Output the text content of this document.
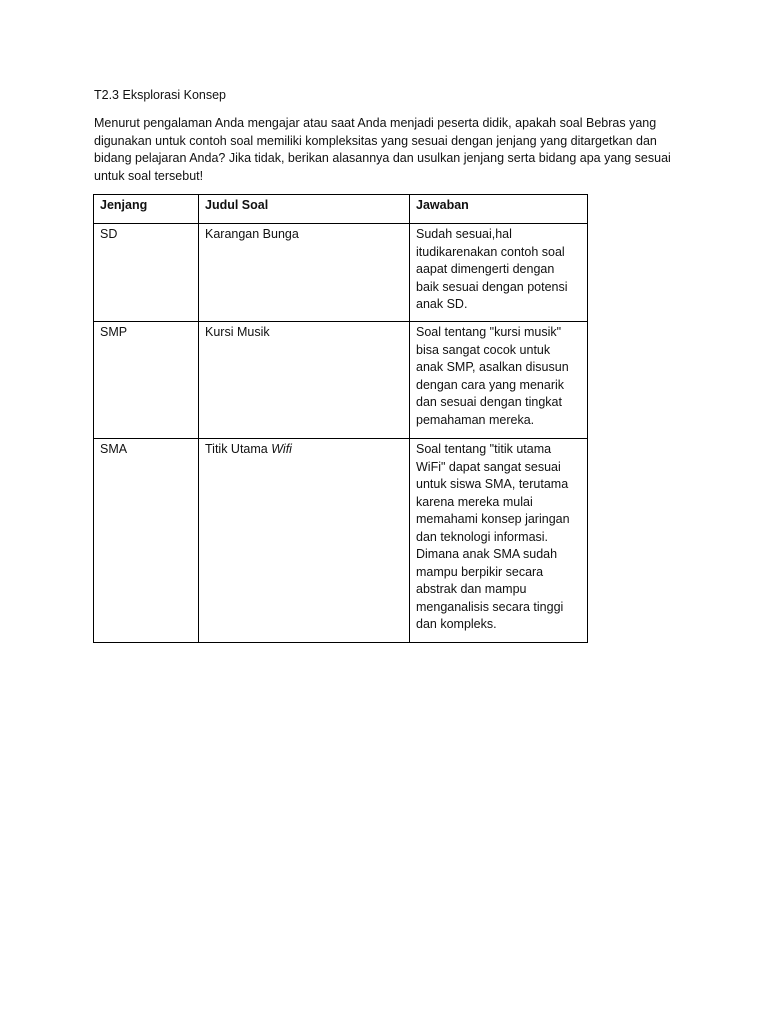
T2.3 Eksplorasi Konsep
Menurut pengalaman Anda mengajar atau saat Anda menjadi peserta didik, apakah soal Bebras yang digunakan untuk contoh soal memiliki kompleksitas yang sesuai dengan jenjang yang ditargetkan dan bidang pelajaran Anda? Jika tidak, berikan alasannya dan usulkan jenjang serta bidang apa yang sesuai untuk soal tersebut!
Jenjang	Judul Soal	Jawaban
SD	Karangan Bunga	Sudah sesuai,hal itudikarenakan contoh soal aapat dimengerti dengan baik sesuai dengan potensi anak SD.

SMP	Kursi Musik	Soal tentang "kursi musik" bisa sangat cocok untuk anak SMP, asalkan disusun dengan cara yang menarik dan sesuai dengan tingkat pemahaman mereka.

SMA	Titik Utama Wifi	Soal tentang "titik utama WiFi" dapat sangat sesuai untuk siswa SMA, terutama karena mereka mulai memahami konsep jaringan dan teknologi informasi. Dimana anak SMA sudah mampu berpikir secara abstrak dan mampu menganalisis secara tinggi dan kompleks.
